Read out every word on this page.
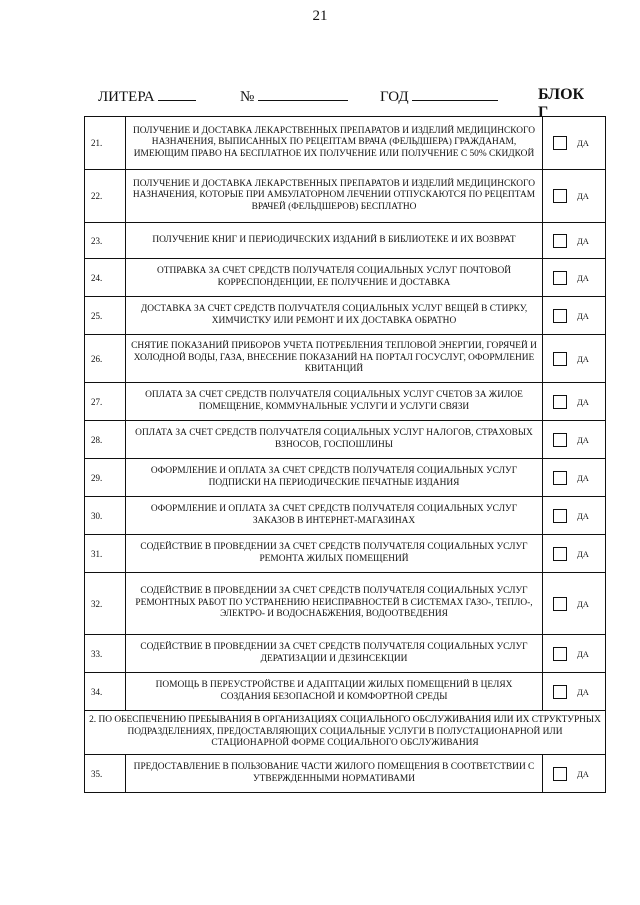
21
ЛИТЕРА	№	ГОД	БЛОК Г
21.	ПОЛУЧЕНИЕ И ДОСТАВКА ЛЕКАРСТВЕННЫХ ПРЕПАРАТОВ И ИЗДЕЛИЙ МЕДИЦИНСКОГО НАЗНАЧЕНИЯ, ВЫПИСАННЫХ ПО РЕЦЕПТАМ ВРАЧА (ФЕЛЬДШЕРА) ГРАЖДАНАМ, ИМЕЮЩИМ ПРАВО НА БЕСПЛАТНОЕ ИХ ПОЛУЧЕНИЕ ИЛИ ПОЛУЧЕНИЕ С 50% СКИДКОЙ	ДА

22.	ПОЛУЧЕНИЕ И ДОСТАВКА ЛЕКАРСТВЕННЫХ ПРЕПАРАТОВ И ИЗДЕЛИЙ МЕДИЦИНСКОГО НАЗНАЧЕНИЯ, КОТОРЫЕ ПРИ АМБУЛАТОРНОМ ЛЕЧЕНИИ ОТПУСКАЮТСЯ ПО РЕЦЕПТАМ ВРАЧЕЙ (ФЕЛЬДШЕРОВ) БЕСПЛАТНО	ДА

23.	ПОЛУЧЕНИЕ КНИГ И ПЕРИОДИЧЕСКИХ ИЗДАНИЙ В БИБЛИОТЕКЕ И ИХ ВОЗВРАТ	ДА

24.	ОТПРАВКА ЗА СЧЕТ СРЕДСТВ ПОЛУЧАТЕЛЯ СОЦИАЛЬНЫХ УСЛУГ ПОЧТОВОЙ КОРРЕСПОНДЕНЦИИ, ЕЕ ПОЛУЧЕНИЕ И ДОСТАВКА	ДА

25.	ДОСТАВКА ЗА СЧЕТ СРЕДСТВ ПОЛУЧАТЕЛЯ СОЦИАЛЬНЫХ УСЛУГ ВЕЩЕЙ В СТИРКУ, ХИМЧИСТКУ ИЛИ РЕМОНТ И ИХ ДОСТАВКА ОБРАТНО	ДА

26.	СНЯТИЕ ПОКАЗАНИЙ ПРИБОРОВ УЧЕТА ПОТРЕБЛЕНИЯ ТЕПЛОВОЙ ЭНЕРГИИ, ГОРЯЧЕЙ И ХОЛОДНОЙ ВОДЫ, ГАЗА, ВНЕСЕНИЕ ПОКАЗАНИЙ НА ПОРТАЛ ГОСУСЛУГ, ОФОРМЛЕНИЕ КВИТАНЦИЙ	ДА

27.	ОПЛАТА ЗА СЧЕТ СРЕДСТВ ПОЛУЧАТЕЛЯ СОЦИАЛЬНЫХ УСЛУГ СЧЕТОВ ЗА ЖИЛОЕ ПОМЕЩЕНИЕ, КОММУНАЛЬНЫЕ УСЛУГИ И УСЛУГИ СВЯЗИ	ДА

28.	ОПЛАТА ЗА СЧЕТ СРЕДСТВ ПОЛУЧАТЕЛЯ СОЦИАЛЬНЫХ УСЛУГ НАЛОГОВ, СТРАХОВЫХ ВЗНОСОВ, ГОСПОШЛИНЫ	ДА

29.	ОФОРМЛЕНИЕ И ОПЛАТА ЗА СЧЕТ СРЕДСТВ ПОЛУЧАТЕЛЯ СОЦИАЛЬНЫХ УСЛУГ ПОДПИСКИ НА ПЕРИОДИЧЕСКИЕ ПЕЧАТНЫЕ ИЗДАНИЯ	ДА

30.	ОФОРМЛЕНИЕ И ОПЛАТА ЗА СЧЕТ СРЕДСТВ ПОЛУЧАТЕЛЯ СОЦИАЛЬНЫХ УСЛУГ ЗАКАЗОВ В ИНТЕРНЕТ-МАГАЗИНАХ	ДА

31.	СОДЕЙСТВИЕ В ПРОВЕДЕНИИ ЗА СЧЕТ СРЕДСТВ ПОЛУЧАТЕЛЯ СОЦИАЛЬНЫХ УСЛУГ РЕМОНТА ЖИЛЫХ ПОМЕЩЕНИЙ	ДА

32.	СОДЕЙСТВИЕ В ПРОВЕДЕНИИ ЗА СЧЕТ СРЕДСТВ ПОЛУЧАТЕЛЯ СОЦИАЛЬНЫХ УСЛУГ РЕМОНТНЫХ РАБОТ ПО УСТРАНЕНИЮ НЕИСПРАВНОСТЕЙ В СИСТЕМАХ ГАЗО-, ТЕПЛО-, ЭЛЕКТРО- И ВОДОСНАБЖЕНИЯ, ВОДООТВЕДЕНИЯ	ДА

33.	СОДЕЙСТВИЕ В ПРОВЕДЕНИИ ЗА СЧЕТ СРЕДСТВ ПОЛУЧАТЕЛЯ СОЦИАЛЬНЫХ УСЛУГ ДЕРАТИЗАЦИИ И ДЕЗИНСЕКЦИИ	ДА

34.	ПОМОЩЬ В ПЕРЕУСТРОЙСТВЕ И АДАПТАЦИИ ЖИЛЫХ ПОМЕЩЕНИЙ В ЦЕЛЯХ СОЗДАНИЯ БЕЗОПАСНОЙ И КОМФОРТНОЙ СРЕДЫ	ДА

2. ПО ОБЕСПЕЧЕНИЮ ПРЕБЫВАНИЯ В ОРГАНИЗАЦИЯХ СОЦИАЛЬНОГО ОБСЛУЖИВАНИЯ ИЛИ ИХ СТРУКТУРНЫХ ПОДРАЗДЕЛЕНИЯХ, ПРЕДОСТАВЛЯЮЩИХ СОЦИАЛЬНЫЕ УСЛУГИ В ПОЛУСТАЦИОНАРНОЙ ИЛИ СТАЦИОНАРНОЙ ФОРМЕ СОЦИАЛЬНОГО ОБСЛУЖИВАНИЯ		
35.	ПРЕДОСТАВЛЕНИЕ В ПОЛЬЗОВАНИЕ ЧАСТИ ЖИЛОГО ПОМЕЩЕНИЯ В СООТВЕТСТВИИ С УТВЕРЖДЕННЫМИ НОРМАТИВАМИ	ДА
